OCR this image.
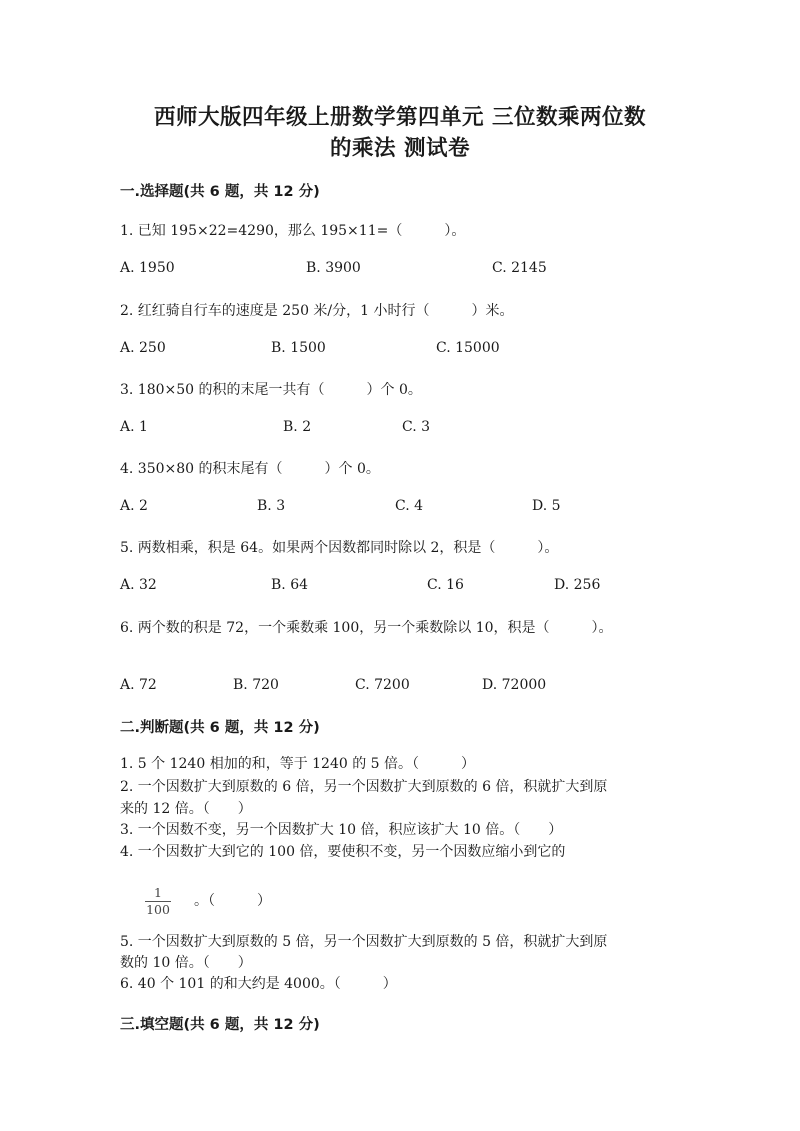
西师大版四年级上册数学第四单元 三位数乘两位数
的乘法 测试卷
一.选择题(共 6 题，共 12 分)
1. 已知 195×22=4290，那么 195×11=（　　　）。
A. 1950	B. 3900	C. 2145
2. 红红骑自行车的速度是 250 米/分，1 小时行（　　　）米。
A. 250	B. 1500	C. 15000
3. 180×50 的积的末尾一共有（　　　）个 0。
A. 1	B. 2	C. 3
4. 350×80 的积末尾有（　　　）个 0。
A. 2	B. 3	C. 4	D. 5
5. 两数相乘，积是 64。如果两个因数都同时除以 2，积是（　　　）。
A. 32	B. 64	C. 16	D. 256
6. 两个数的积是 72，一个乘数乘 100，另一个乘数除以 10，积是（　　　）。
A. 72	B. 720	C. 7200	D. 72000
二.判断题(共 6 题，共 12 分)
1. 5 个 1240 相加的和，等于 1240 的 5 倍。（　　　）
2. 一个因数扩大到原数的 6 倍，另一个因数扩大到原数的 6 倍，积就扩大到原
来的 12 倍。（　　）
3. 一个因数不变，另一个因数扩大 10 倍，积应该扩大 10 倍。（　　）
4. 一个因数扩大到它的 100 倍，要使积不变，另一个因数应缩小到它的
1
100
。（　　　）
5. 一个因数扩大到原数的 5 倍，另一个因数扩大到原数的 5 倍，积就扩大到原
数的 10 倍。（　　）
6. 40 个 101 的和大约是 4000。（　　　）
三.填空题(共 6 题，共 12 分)
